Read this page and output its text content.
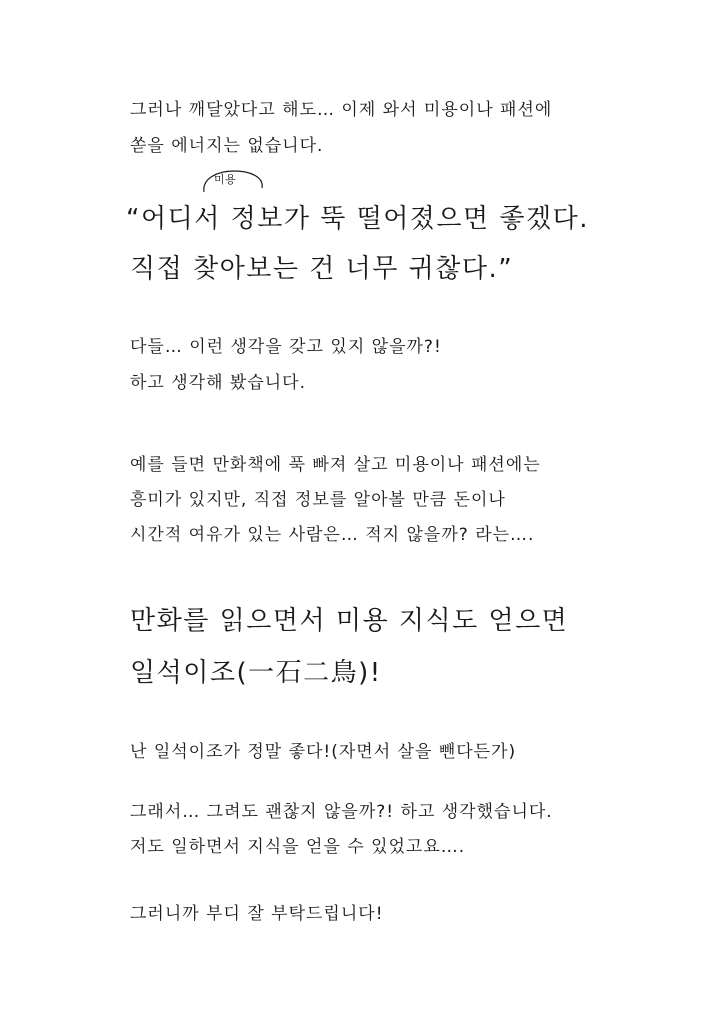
그러나 깨달았다고 해도… 이제 와서 미용이나 패션에
쏟을 에너지는 없습니다.
미용
“어디서 정보가 뚝 떨어졌으면 좋겠다.
직접 찾아보는 건 너무 귀찮다.”
다들… 이런 생각을 갖고 있지 않을까?!
하고 생각해 봤습니다.
예를 들면 만화책에 푹 빠져 살고 미용이나 패션에는
흥미가 있지만, 직접 정보를 알아볼 만큼 돈이나
시간적 여유가 있는 사람은… 적지 않을까? 라는….
만화를 읽으면서 미용 지식도 얻으면
일석이조(一石二鳥)!
난 일석이조가 정말 좋다!(자면서 살을 뺀다든가)
그래서… 그려도 괜찮지 않을까?! 하고 생각했습니다.
저도 일하면서 지식을 얻을 수 있었고요….
그러니까 부디 잘 부탁드립니다!
